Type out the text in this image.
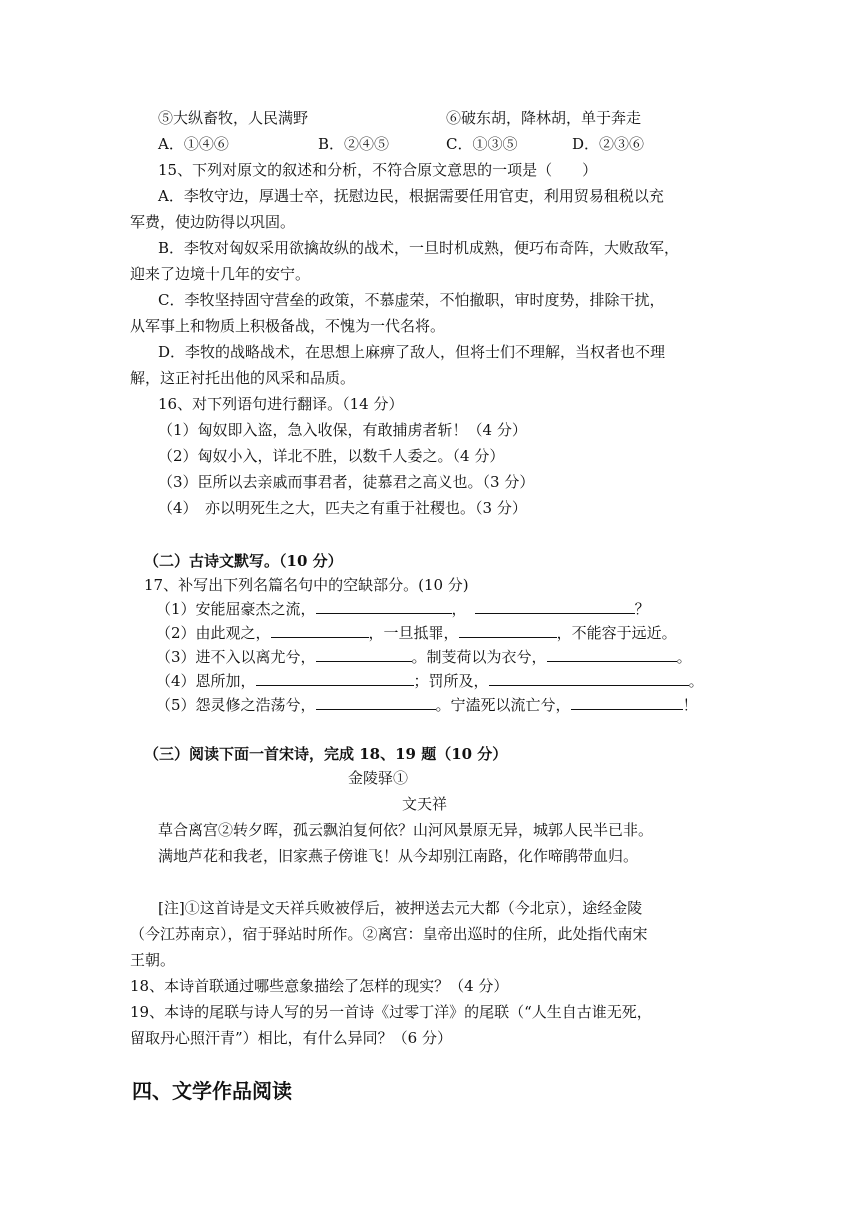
⑤大纵畜牧，人民满野	⑥破东胡，降林胡，单于奔走
A．①④⑥	B．②④⑤	C．①③⑤	D．②③⑥
15、下列对原文的叙述和分析，不符合原文意思的一项是（　　）
A．李牧守边，厚遇士卒，抚慰边民，根据需要任用官吏，利用贸易租税以充
军费，使边防得以巩固。
B．李牧对匈奴采用欲擒故纵的战术，一旦时机成熟，便巧布奇阵，大败敌军，
迎来了边境十几年的安宁。
C．李牧坚持固守营垒的政策，不慕虚荣，不怕撤职，审时度势，排除干扰，
从军事上和物质上积极备战，不愧为一代名将。
D．李牧的战略战术，在思想上麻痹了敌人，但将士们不理解，当权者也不理
解，这正衬托出他的风采和品质。
16、对下列语句进行翻译。（14 分）
（1）匈奴即入盗，急入收保，有敢捕虏者斩！（4 分）
（2）匈奴小入，详北不胜，以数千人委之。（4 分）
（3）臣所以去亲戚而事君者，徒慕君之高义也。（3 分）
（4）　亦以明死生之大，匹夫之有重于社稷也。（3 分）
（二）古诗文默写。（10 分）
17、补写出下列名篇名句中的空缺部分。(10 分)
（1）安能屈豪杰之流，	，	？
（2）由此观之，	，一旦抵罪，	，不能容于远近。
（3）进不入以离尤兮，	。制芰荷以为衣兮，	。
（4）恩所加，	；罚所及，	。
（5）怨灵修之浩荡兮，	。宁溘死以流亡兮，	！
（三）阅读下面一首宋诗，完成 18、19 题（10 分）
金陵驿①
文天祥
草合离宫②转夕晖，孤云飘泊复何依？山河风景原无异，城郭人民半已非。
满地芦花和我老，旧家燕子傍谁飞！从今却别江南路，化作啼鹃带血归。
[注]①这首诗是文天祥兵败被俘后，被押送去元大都（今北京），途经金陵
（今江苏南京），宿于驿站时所作。②离宫：皇帝出巡时的住所，此处指代南宋
王朝。
18、本诗首联通过哪些意象描绘了怎样的现实？（4 分）
19、本诗的尾联与诗人写的另一首诗《过零丁洋》的尾联（“人生自古谁无死，
留取丹心照汗青”）相比，有什么异同？（6 分）
四、文学作品阅读
